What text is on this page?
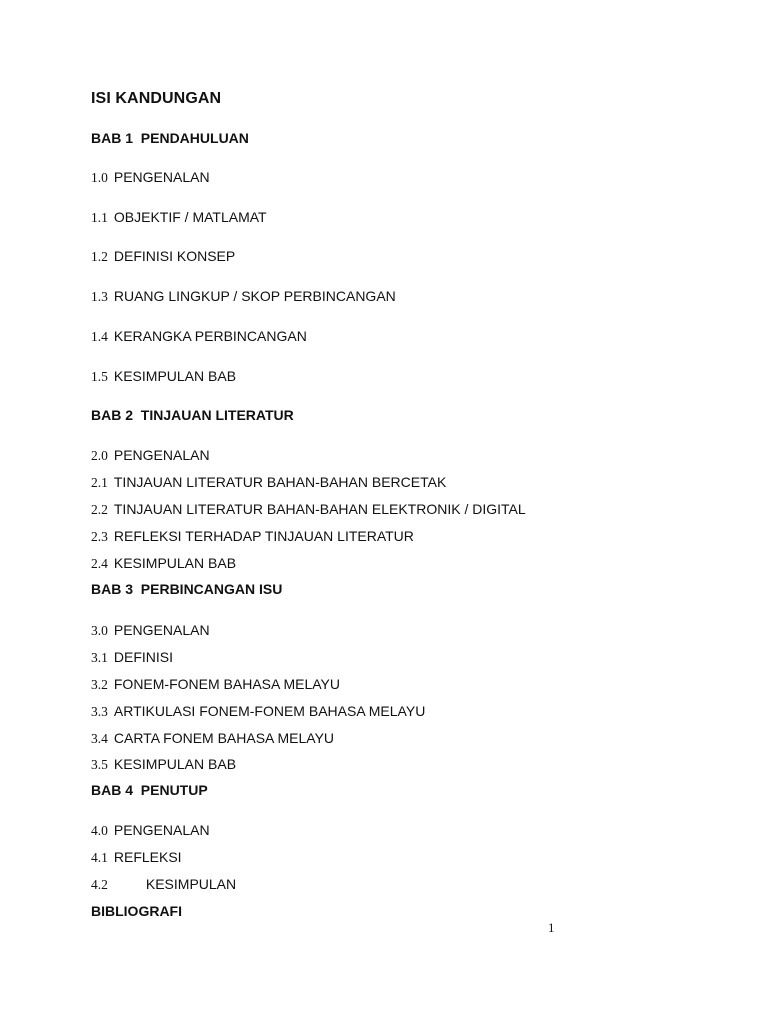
ISI KANDUNGAN
BAB 1  PENDAHULUAN
1.0 PENGENALAN
1.1 OBJEKTIF / MATLAMAT
1.2 DEFINISI KONSEP
1.3 RUANG LINGKUP / SKOP PERBINCANGAN
1.4 KERANGKA PERBINCANGAN
1.5 KESIMPULAN BAB
BAB 2  TINJAUAN LITERATUR
2.0 PENGENALAN
2.1 TINJAUAN LITERATUR BAHAN-BAHAN BERCETAK
2.2 TINJAUAN LITERATUR BAHAN-BAHAN ELEKTRONIK / DIGITAL
2.3 REFLEKSI TERHADAP TINJAUAN LITERATUR
2.4 KESIMPULAN BAB
BAB 3  PERBINCANGAN ISU
3.0 PENGENALAN
3.1 DEFINISI
3.2 FONEM-FONEM BAHASA MELAYU
3.3 ARTIKULASI FONEM-FONEM BAHASA MELAYU
3.4 CARTA FONEM BAHASA MELAYU
3.5 KESIMPULAN BAB
BAB 4  PENUTUP
4.0 PENGENALAN
4.1 REFLEKSI
4.2	KESIMPULAN
BIBLIOGRAFI
1
